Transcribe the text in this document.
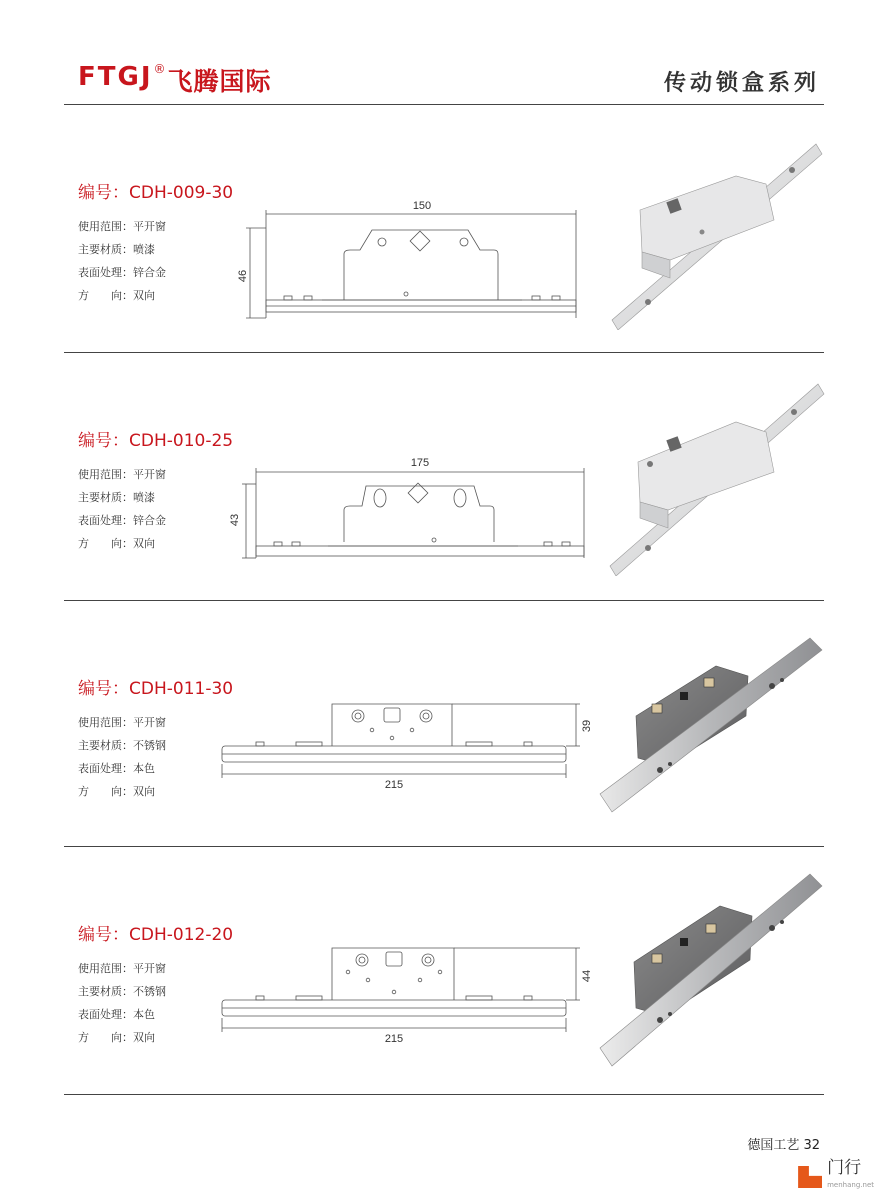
FTGJ ® 飞腾国际	传动锁盒系列
编号：CDH-009-30
使用范围：平开窗
主要材质：喷漆
表面处理：锌合金
方　　向：双向
150
46
编号：CDH-010-25
使用范围：平开窗
主要材质：喷漆
表面处理：锌合金
方　　向：双向
175
43
编号：CDH-011-30
使用范围：平开窗
主要材质：不锈钢
表面处理：本色
方　　向：双向	215
39
编号：CDH-012-20
使用范围：平开窗
主要材质：不锈钢
表面处理：本色
方　　向：双向	215
44
德国工艺 32
门行
menhang.net
